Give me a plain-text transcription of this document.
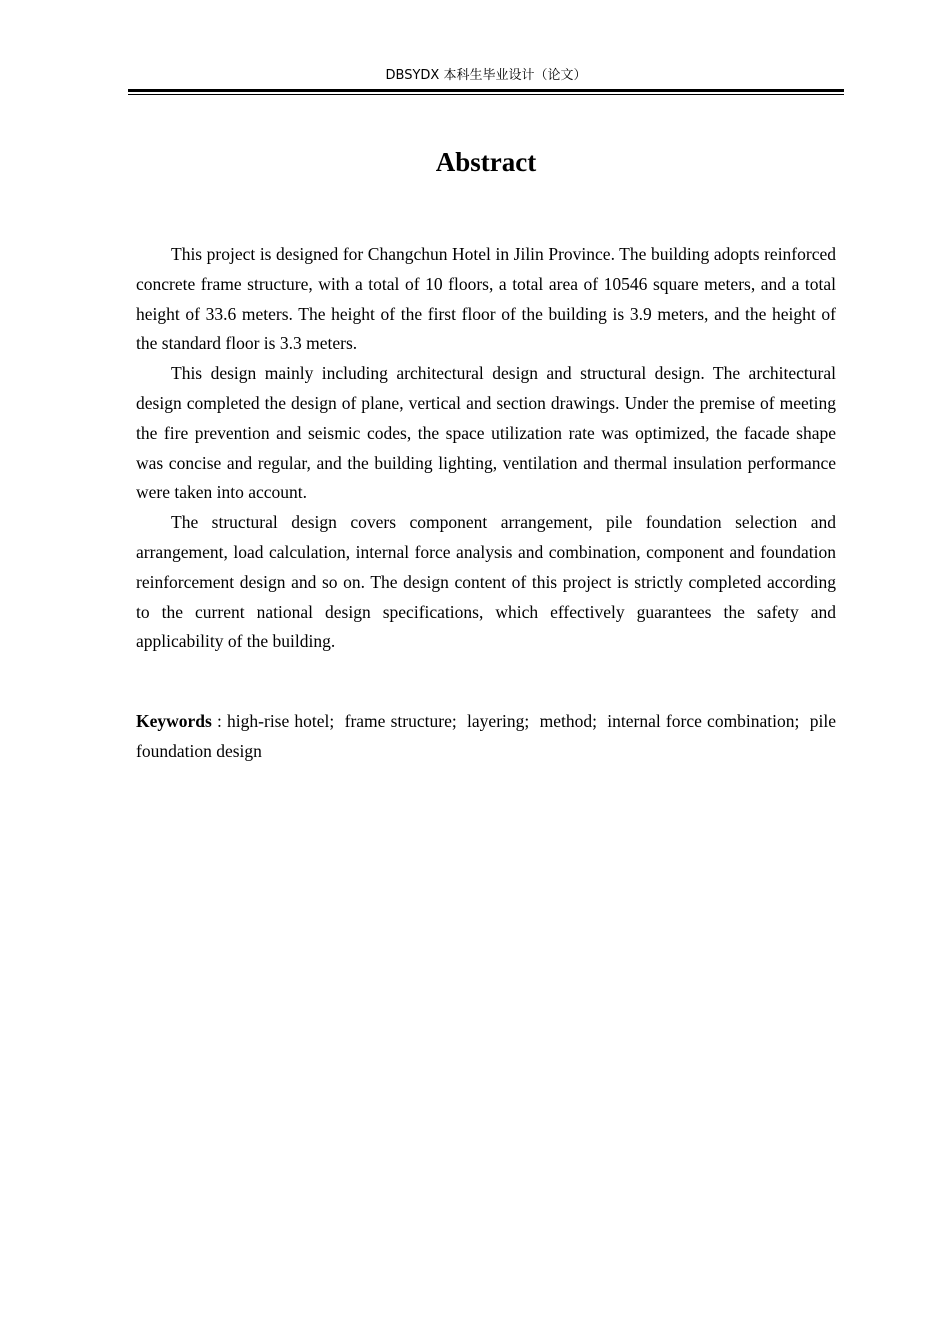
DBSYDX 本科生毕业设计（论文）
Abstract

This project is designed for Changchun Hotel in Jilin Province. The building adopts reinforced concrete frame structure, with a total of 10 floors, a total area of 10546 square meters, and a total height of 33.6 meters. The height of the first floor of the building is 3.9 meters, and the height of the standard floor is 3.3 meters.

This design mainly including architectural design and structural design. The architectural design completed the design of plane, vertical and section drawings. Under the premise of meeting the fire prevention and seismic codes, the space utilization rate was optimized, the facade shape was concise and regular, and the building lighting, ventilation and thermal insulation performance were taken into account.

The structural design covers component arrangement, pile foundation selection and arrangement, load calculation, internal force analysis and combination, component and foundation reinforcement design and so on. The design content of this project is strictly completed according to the current national design specifications, which effectively guarantees the safety and applicability of the building.

Keywords : high-rise hotel;  frame structure;  layering;  method;  internal force combination;  pile foundation design
